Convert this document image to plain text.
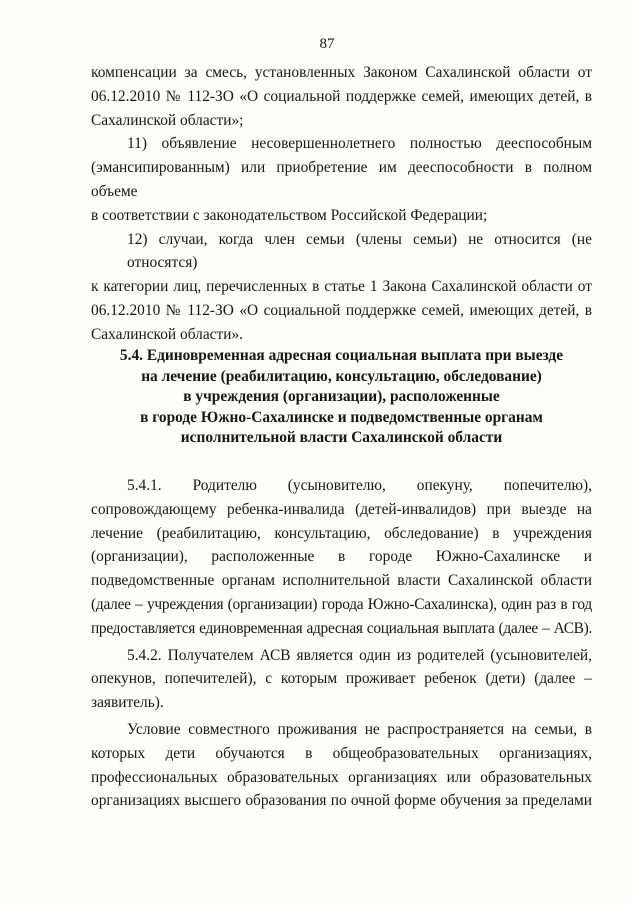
87

компенсации за смесь, установленных Законом Сахалинской области от
06.12.2010 № 112-ЗО «О социальной поддержке семей, имеющих детей, в
Сахалинской области»;

11) объявление несовершеннолетнего полностью дееспособным
(эмансипированным) или приобретение им дееспособности в полном объеме
в соответствии с законодательством Российской Федерации;

12) случаи, когда член семьи (члены семьи) не относится (не относятся)
к категории лиц, перечисленных в статье 1 Закона Сахалинской области от
06.12.2010 № 112-ЗО «О социальной поддержке семей, имеющих детей, в
Сахалинской области».

5.4. Единовременная адресная социальная выплата при выезде
на лечение (реабилитацию, консультацию, обследование)
в учреждения (организации), расположенные
в городе Южно-Сахалинске и подведомственные органам
исполнительной власти Сахалинской области

5.4.1. Родителю (усыновителю, опекуну, попечителю),
сопровождающему ребенка-инвалида (детей-инвалидов) при выезде на
лечение (реабилитацию, консультацию, обследование) в учреждения
(организации), расположенные в городе Южно-Сахалинске и
подведомственные органам исполнительной власти Сахалинской области
(далее – учреждения (организации) города Южно-Сахалинска), один раз в год
предоставляется единовременная адресная социальная выплата (далее – АСВ).

5.4.2. Получателем АСВ является один из родителей (усыновителей,
опекунов, попечителей), с которым проживает ребенок (дети) (далее –
заявитель).

Условие совместного проживания не распространяется на семьи, в
которых дети обучаются в общеобразовательных организациях,
профессиональных образовательных организациях или образовательных
организациях высшего образования по очной форме обучения за пределами
